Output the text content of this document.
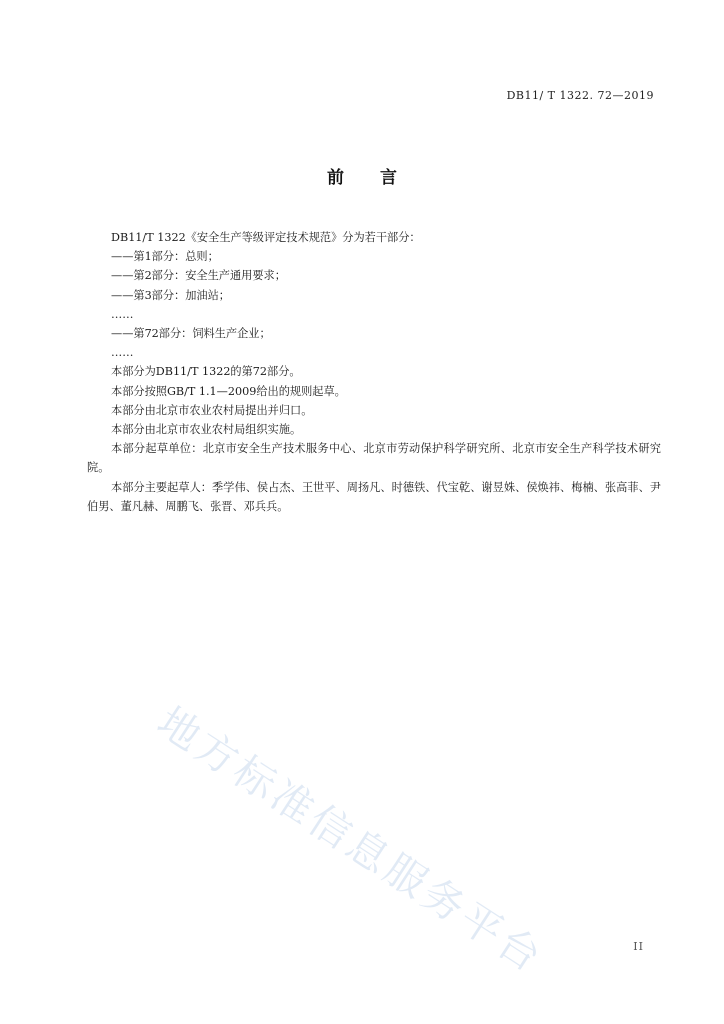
DB11/ T 1322. 72—2019
前言
DB11/T 1322《安全生产等级评定技术规范》分为若干部分：
——第1部分：总则；
——第2部分：安全生产通用要求；
——第3部分：加油站；
……
——第72部分：饲料生产企业；
……
本部分为DB11/T 1322的第72部分。
本部分按照GB/T 1.1—2009给出的规则起草。
本部分由北京市农业农村局提出并归口。
本部分由北京市农业农村局组织实施。
本部分起草单位：北京市安全生产技术服务中心、北京市劳动保护科学研究所、北京市安全生产科学技术研究院。
本部分主要起草人：季学伟、侯占杰、王世平、周扬凡、时德铁、代宝乾、谢昱姝、侯焕祎、梅楠、张高菲、尹伯男、董凡赫、周鹏飞、张晋、邓兵兵。
地方标准信息服务平台	II
